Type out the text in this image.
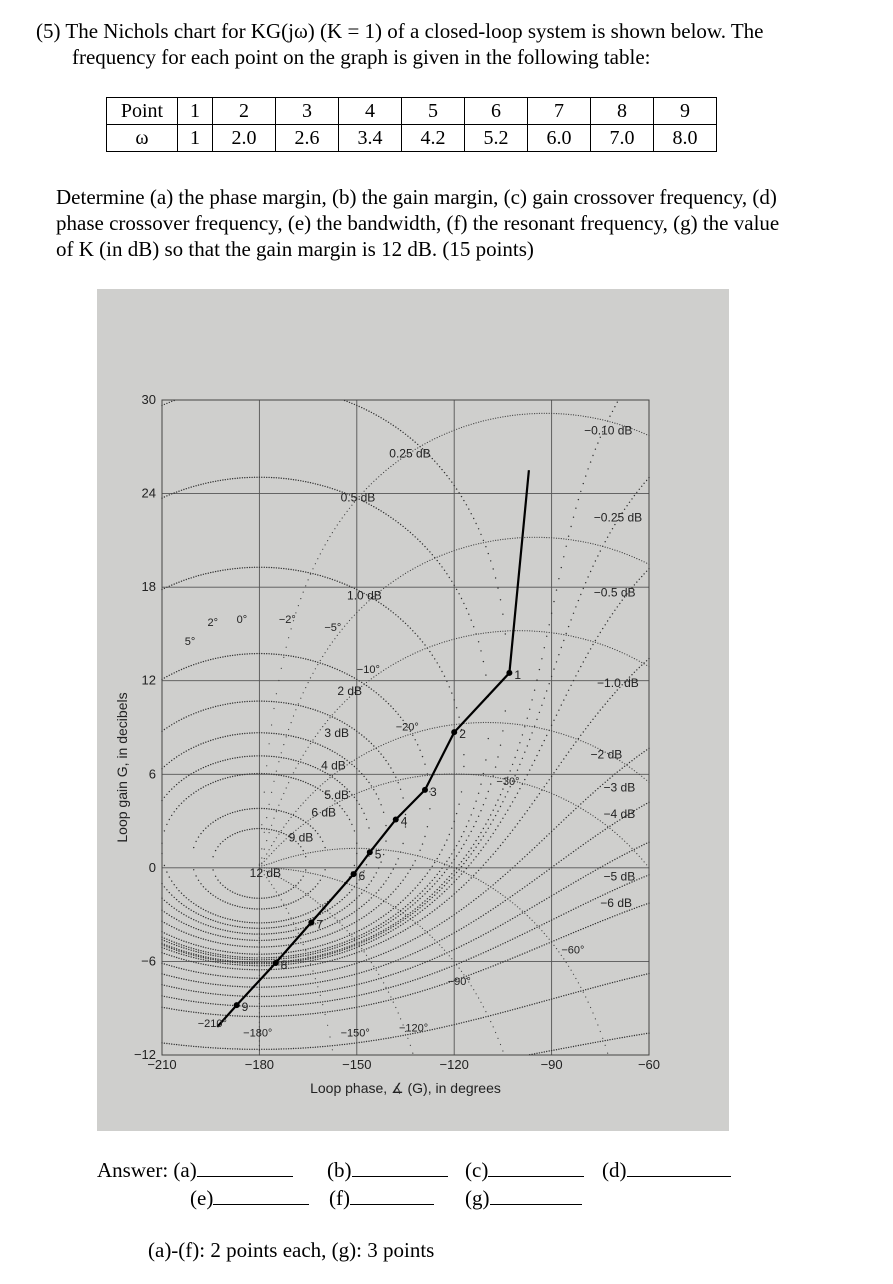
(5) The Nichols chart for KG(jω) (K = 1) of a closed-loop system is shown below. The
frequency for each point on the graph is given in the following table:
Point	1	2	3	4	5	6	7	8	9
ω	1	2.0	2.6	3.4	4.2	5.2	6.0	7.0	8.0
Determine (a) the phase margin, (b) the gain margin, (c) gain crossover frequency, (d)
phase crossover frequency, (e) the bandwidth, (f) the resonant frequency, (g) the value
of K (in dB) so that the gain margin is 12 dB. (15 points)
30
24
18
12
6
0
−6
−12
−210	−180	−150	−120	−90	−60
0.25 dB
0.5 dB
1.0 dB
2 dB
3 dB
4 dB
5 dB
6 dB
9 dB
12 dB
−0.10 dB
−0.25 dB
−0.5 dB
−1.0 dB
−2 dB
−3 dB
−4 dB
−5 dB
−6 dB
5°
2° 0°	−2°
−5°
−10°
−20°
−30°
−60°
−90°
−120°
−150°
−180°
−210°
1
2
3
4
5
6
7
8
9
Loop phase, ∡ (G), in degrees
Loop gain G, in decibels
Answer: (a)	(b)	(c)	(d)
(e)	(f)	(g)
(a)-(f): 2 points each, (g): 3 points
